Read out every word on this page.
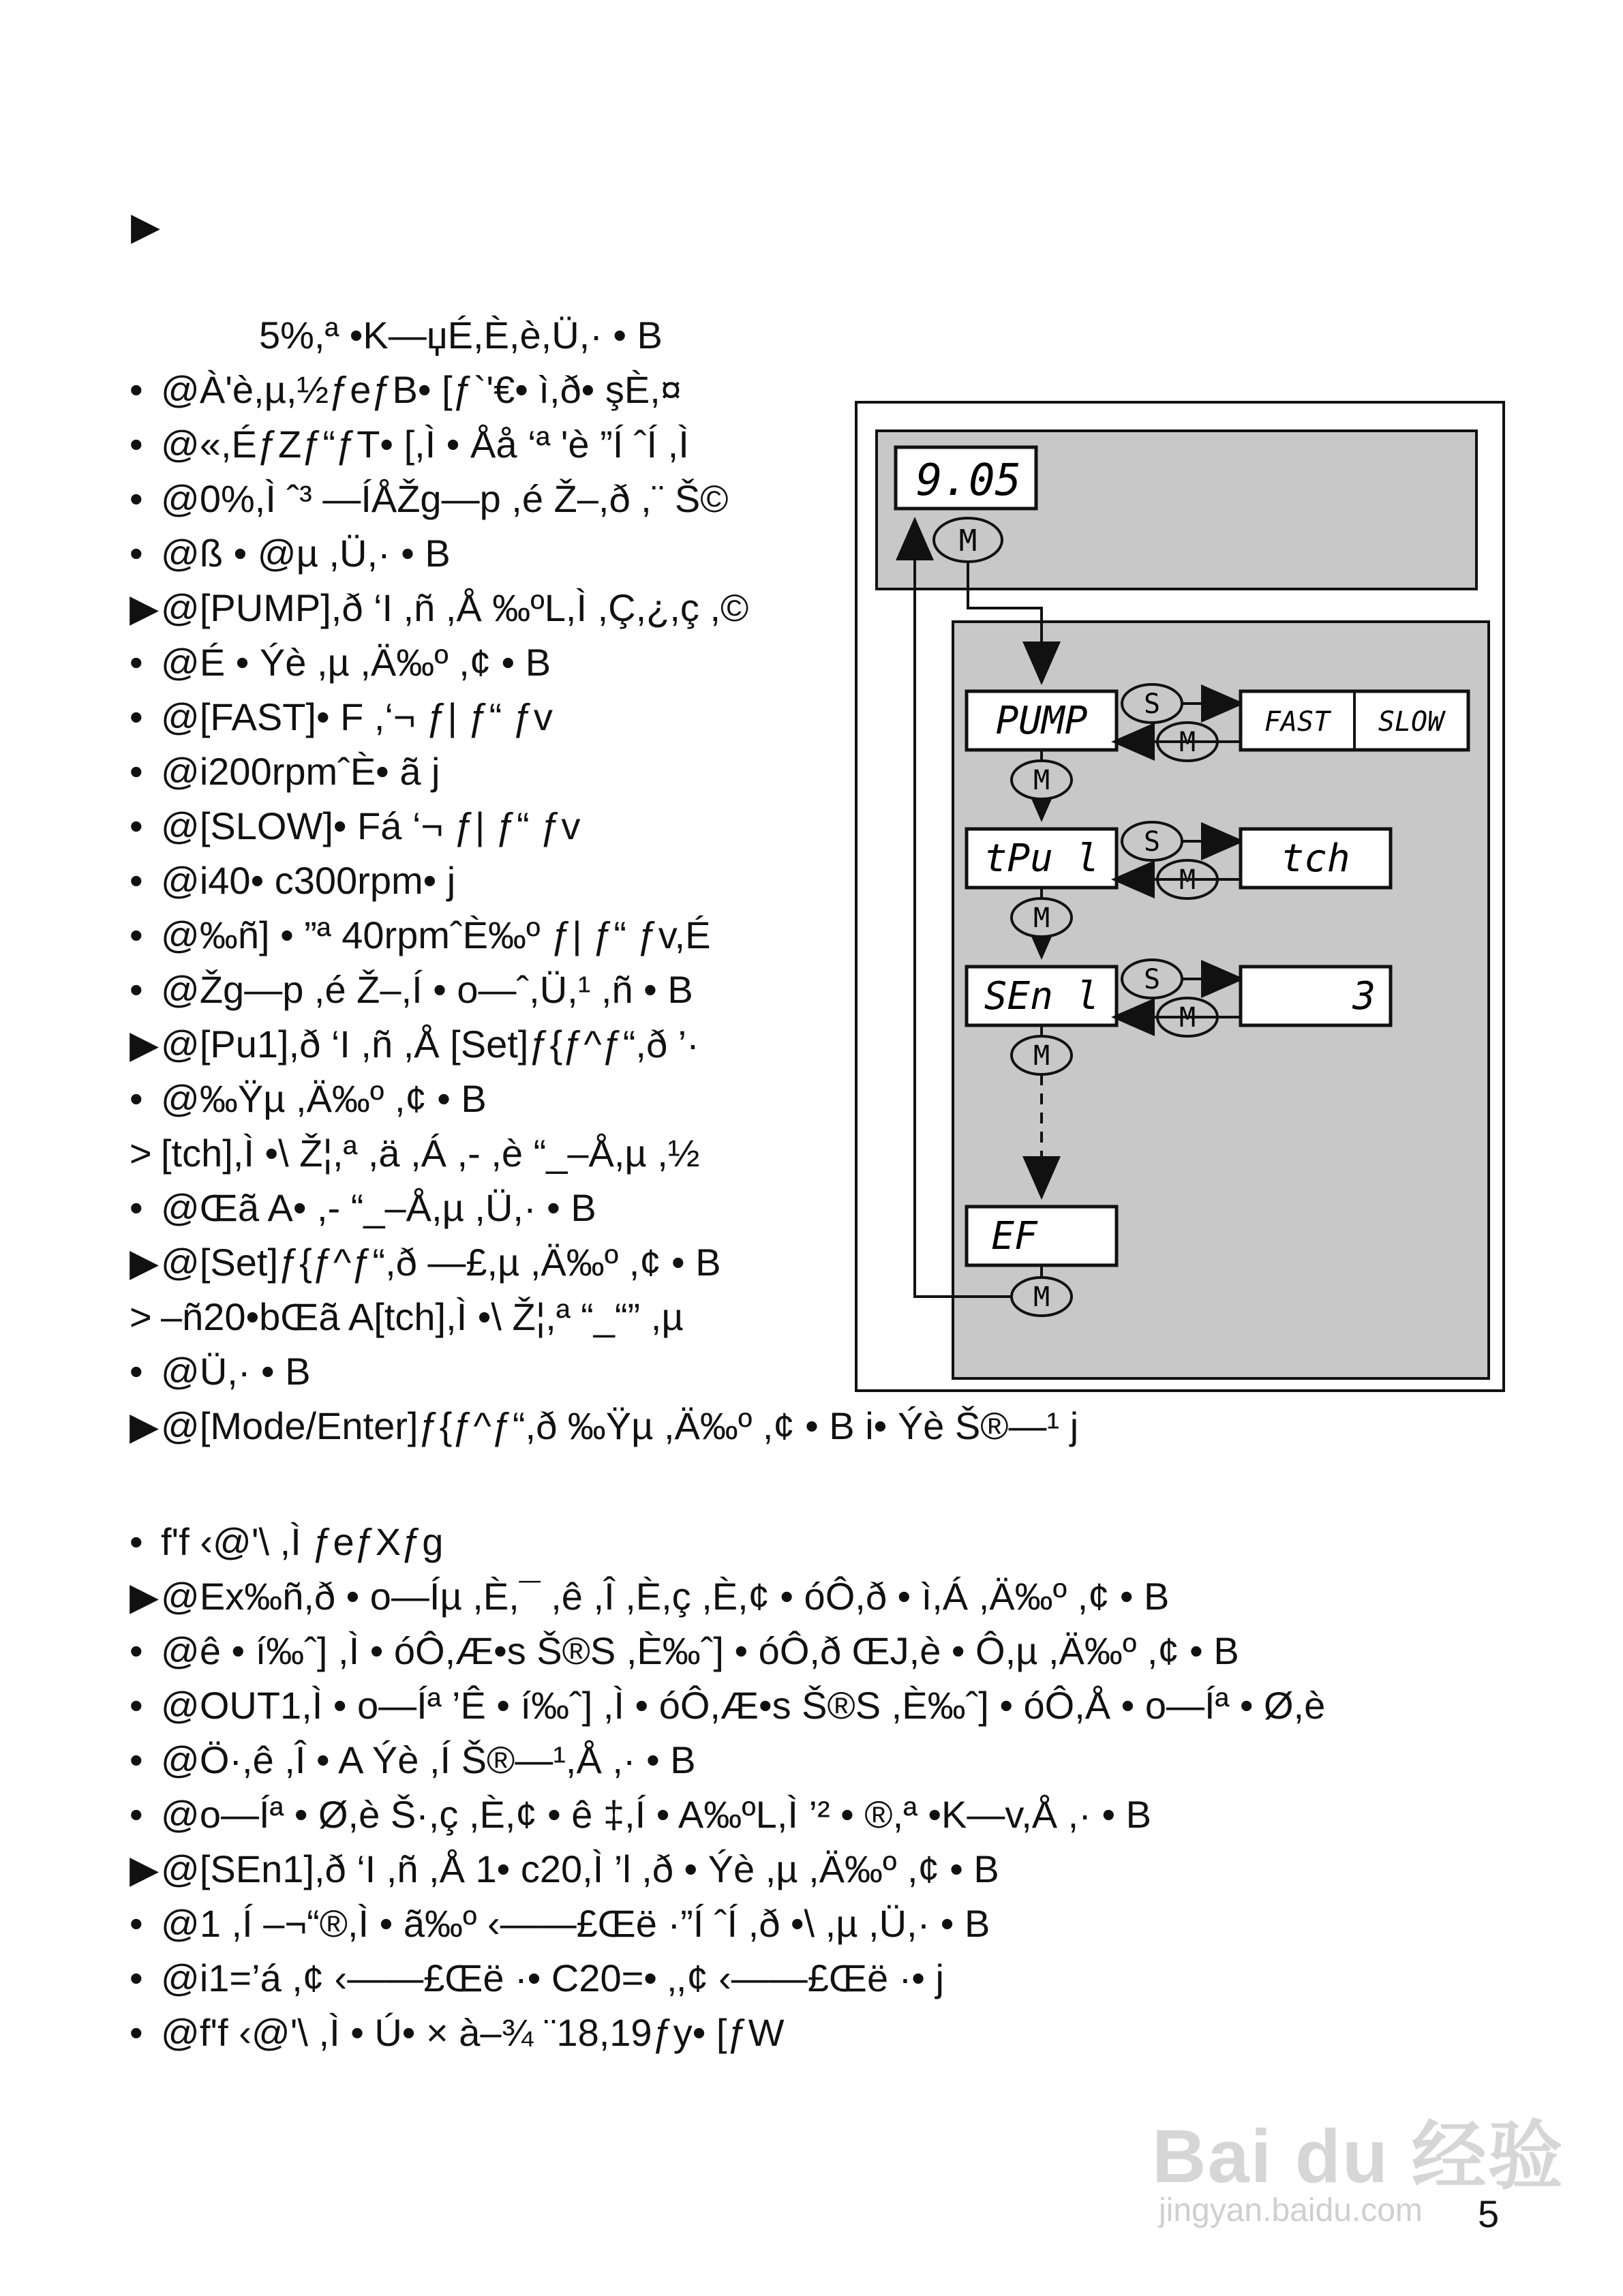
▶
5%,ª •K—џÉ,È,è,Ü,· • B
• @À'è,µ,½ƒeƒB• [ƒ`'€• ì,ð• şÈ,¤
• @«,ÉƒZƒ“ƒT• [,Ì • Åå ‘ª 'è ”Í ˆÍ ,Ì
• @0%,Ì ˆ³ —ÍÅŽg—p ,é Ž–,ð ,¨ Š©
• @ß • @µ ,Ü,· • B
▶@[PUMP],ð ‘I ,ñ ,Å ‰ºL,Ì ,Ç,¿,ç ,©
• @É • Ýè ,µ ,Ä‰º ,¢ • B
• @[FAST]• F ,‘¬ ƒ| ƒ“ ƒv
• @i200rpmˆÈ• ã j
• @[SLOW]• Fá ‘¬ ƒ| ƒ“ ƒv
• @i40• c300rpm• j
• @‰ñ] • ”ª 40rpmˆÈ‰º ƒ| ƒ“ ƒv,É
• @Žg—p ,é Ž–,Í • o—ˆ,Ü,¹ ,ñ • B
▶@[Pu1],ð ‘I ,ñ ,Å [Set]ƒ{ƒ^ƒ“,ð ’·
• @‰Ÿµ ,Ä‰º ,¢ • B
> [tch],Ì •\ Ž¦,ª ,ä ,Á ,- ,è “_–Å,µ ,½
• @Œã A• ,- “_–Å,µ ,Ü,· • B
▶@[Set]ƒ{ƒ^ƒ“,ð —£,µ ,Ä‰º ,¢ • B
> –ñ20•bŒã A[tch],Ì •\ Ž¦,ª “_“” ,µ
• @Ü,· • B
▶@[Mode/Enter]ƒ{ƒ^ƒ“,ð ‰Ÿµ ,Ä‰º ,¢ • B i• Ýè Š®—¹ j
• f'f ‹@'\ ,Ì ƒeƒXƒg
▶@Ex‰ñ,ð • o—Íµ ,È,¯ ,ê ,Î ,È,ç ,È,¢ • óÔ,ð • ì,Á ,Ä‰º ,¢ • B
• @ê • í‰ˆ] ,Ì • óÔ,Æ•s Š®S ,È‰ˆ] • óÔ,ð ŒJ,è • Ô,µ ,Ä‰º ,¢ • B
• @OUT1,Ì • o—Íª ’Ê • í‰ˆ] ,Ì • óÔ,Æ•s Š®S ,È‰ˆ] • óÔ,Å • o—Íª • Ø,è
• @Ö·,ê ,Î • A Ýè ,Í Š®—¹,Å ,· • B
• @o—Íª • Ø,è Š·,ç ,È,¢ • ê ‡,Í • A‰ºL,Ì ’² • ®,ª •K—v,Å ,· • B
▶@[SEn1],ð ‘I ,ñ ,Å 1• c20,Ì ’l ,ð • Ýè ,µ ,Ä‰º ,¢ • B
• @1 ,Í –¬“®,Ì • ã‰º ‹——£Œë ·”Í ˆÍ ,ð •\ ,µ ,Ü,· • B
• @i1=’á ,¢ ‹——£Œë ·• C20=• ‚,¢ ‹——£Œë ·• j
• @f'f ‹@'\ ,Ì • Ú• × à–¾ ¨18,19ƒy• [ƒW
9.05
M
PUMP S
M
FAST SLOW
M
tPu l S
M tch
M
SEn l S
M	3
M
EF
M
5
Bai du 经验
jingyan.baidu.com
